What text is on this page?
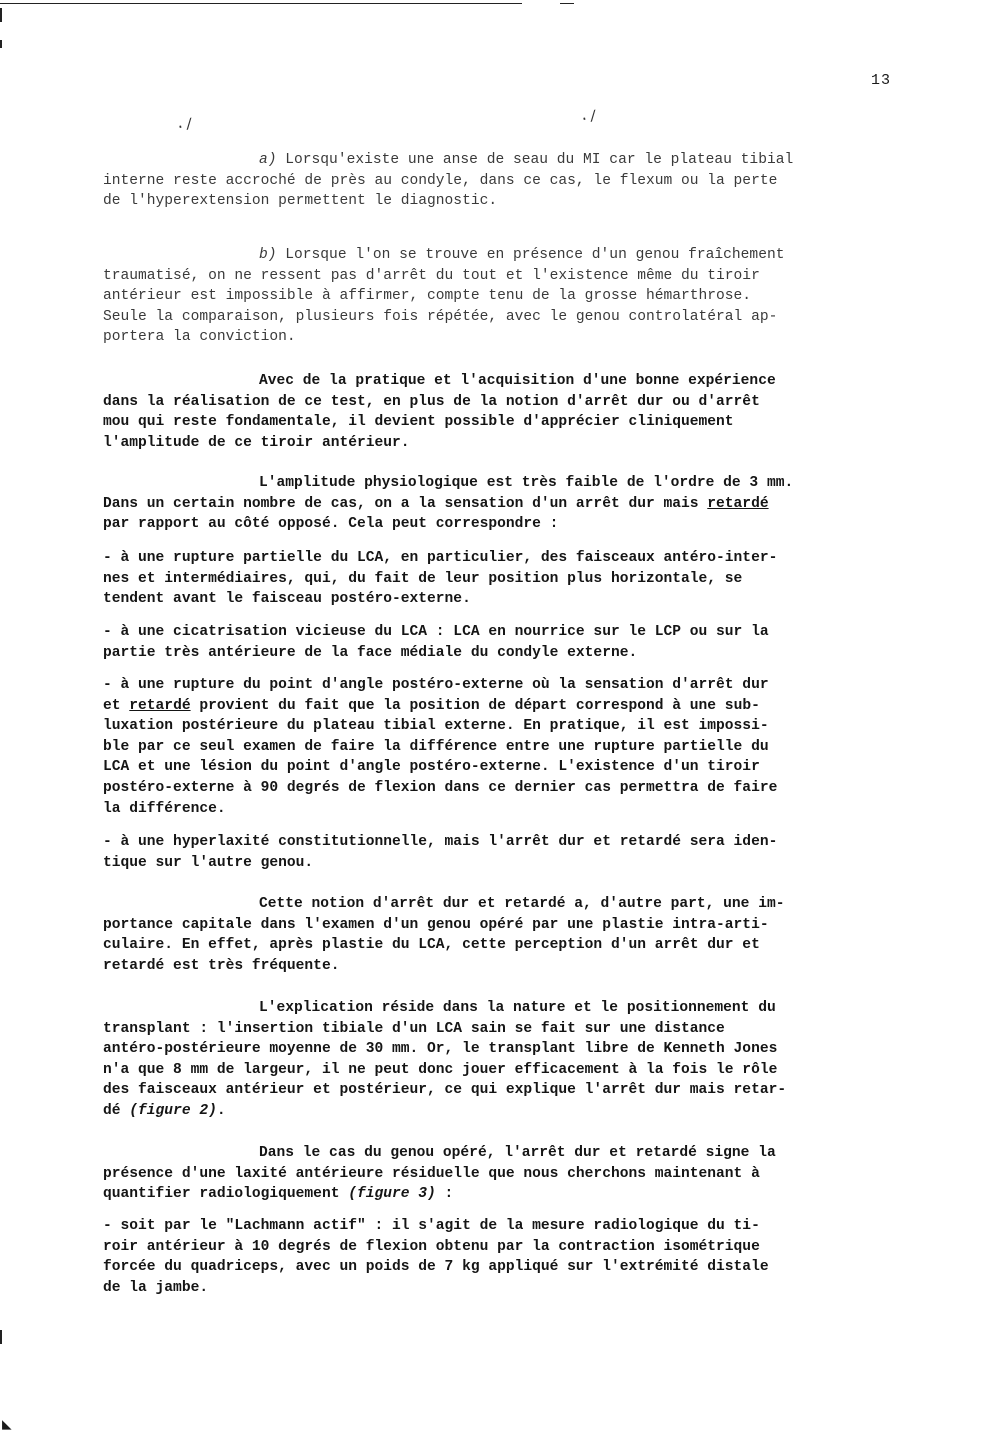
13
·/	·/
a) Lorsqu'existe une anse de seau du MI car le plateau tibial
interne reste accroché de près au condyle, dans ce cas, le flexum ou la perte
de l'hyperextension permettent le diagnostic.
b) Lorsque l'on se trouve en présence d'un genou fraîchement
traumatisé, on ne ressent pas d'arrêt du tout et l'existence même du tiroir
antérieur est impossible à affirmer, compte tenu de la grosse hémarthrose.
Seule la comparaison, plusieurs fois répétée, avec le genou controlatéral ap-
portera la conviction.
Avec de la pratique et l'acquisition d'une bonne expérience
dans la réalisation de ce test, en plus de la notion d'arrêt dur ou d'arrêt
mou qui reste fondamentale, il devient possible d'apprécier cliniquement
l'amplitude de ce tiroir antérieur.
L'amplitude physiologique est très faible de l'ordre de 3 mm.
Dans un certain nombre de cas, on a la sensation d'un arrêt dur mais retardé
par rapport au côté opposé. Cela peut correspondre :
- à une rupture partielle du LCA, en particulier, des faisceaux antéro-inter-
nes et intermédiaires, qui, du fait de leur position plus horizontale, se
tendent avant le faisceau postéro-externe.
- à une cicatrisation vicieuse du LCA : LCA en nourrice sur le LCP ou sur la
partie très antérieure de la face médiale du condyle externe.
- à une rupture du point d'angle postéro-externe où la sensation d'arrêt dur
et retardé provient du fait que la position de départ correspond à une sub-
luxation postérieure du plateau tibial externe. En pratique, il est impossi-
ble par ce seul examen de faire la différence entre une rupture partielle du
LCA et une lésion du point d'angle postéro-externe. L'existence d'un tiroir
postéro-externe à 90 degrés de flexion dans ce dernier cas permettra de faire
la différence.
- à une hyperlaxité constitutionnelle, mais l'arrêt dur et retardé sera iden-
tique sur l'autre genou.
Cette notion d'arrêt dur et retardé a, d'autre part, une im-
portance capitale dans l'examen d'un genou opéré par une plastie intra-arti-
culaire. En effet, après plastie du LCA, cette perception d'un arrêt dur et
retardé est très fréquente.
L'explication réside dans la nature et le positionnement du
transplant : l'insertion tibiale d'un LCA sain se fait sur une distance
antéro-postérieure moyenne de 30 mm. Or, le transplant libre de Kenneth Jones
n'a que 8 mm de largeur, il ne peut donc jouer efficacement à la fois le rôle
des faisceaux antérieur et postérieur, ce qui explique l'arrêt dur mais retar-
dé (figure 2).
Dans le cas du genou opéré, l'arrêt dur et retardé signe la
présence d'une laxité antérieure résiduelle que nous cherchons maintenant à
quantifier radiologiquement (figure 3) :
- soit par le "Lachmann actif" : il s'agit de la mesure radiologique du ti-
roir antérieur à 10 degrés de flexion obtenu par la contraction isométrique
forcée du quadriceps, avec un poids de 7 kg appliqué sur l'extrémité distale
de la jambe.
◣
